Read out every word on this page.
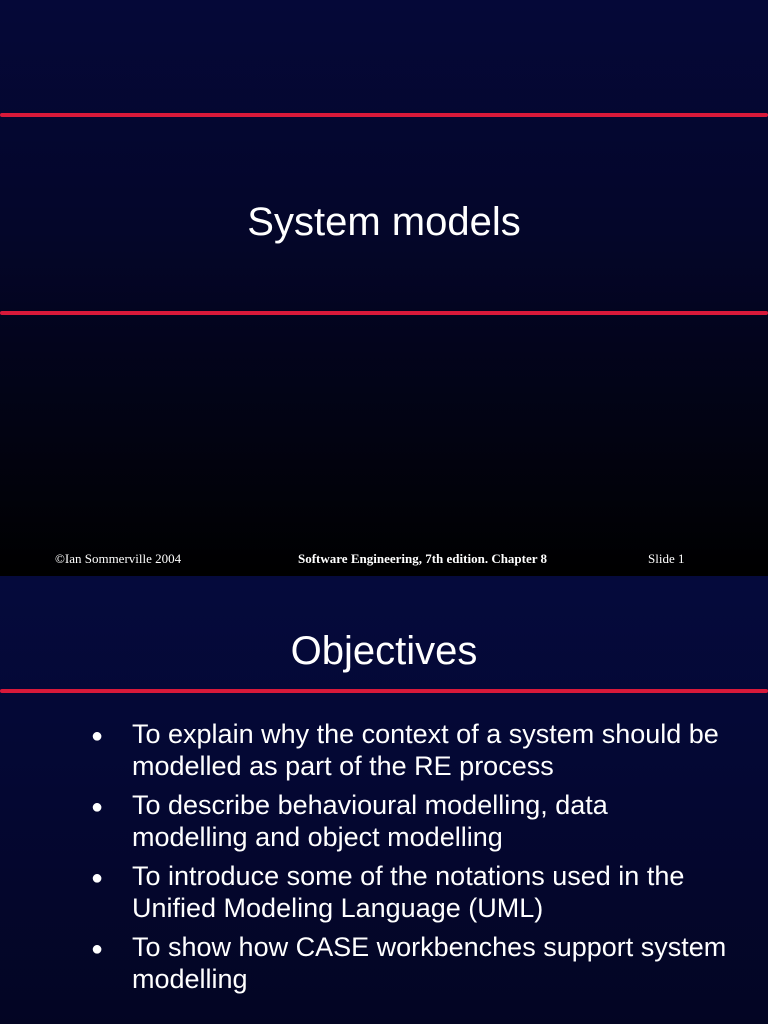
System models
©Ian Sommerville 2004	Software Engineering, 7th edition. Chapter 8	Slide 1
Objectives
● To explain why the context of a system should be modelled as part of the RE process
● To describe behavioural modelling, data modelling and object modelling
● To introduce some of the notations used in the Unified Modeling Language (UML)
● To show how CASE workbenches support system modelling
